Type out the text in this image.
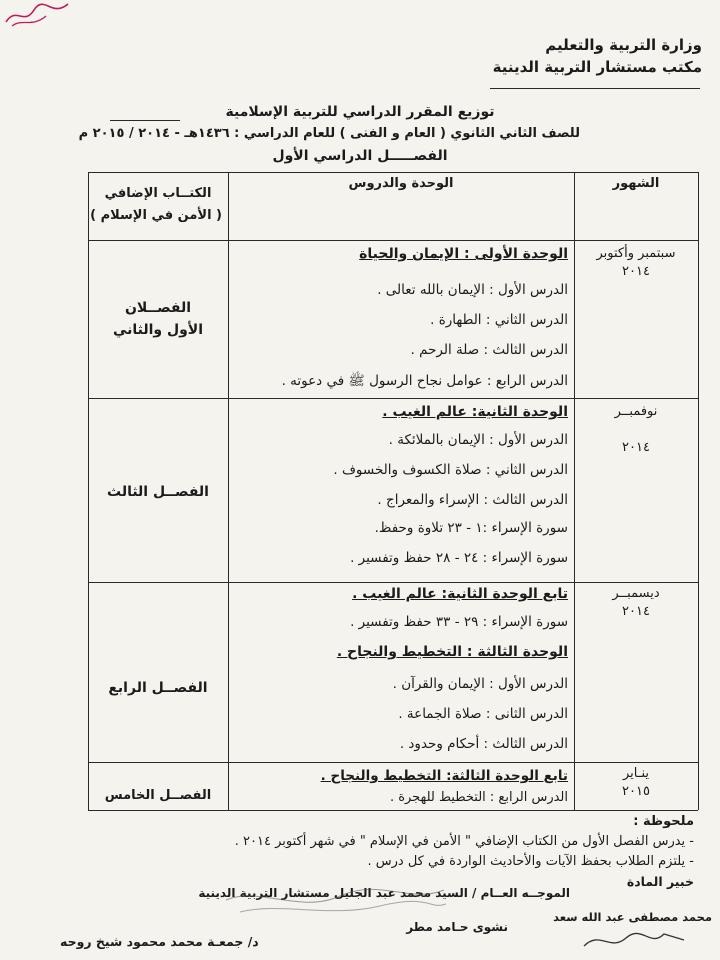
وزارة التربية والتعليم
مكتب مستشار التربية الدينية
توزيع المقرر الدراسي للتربية الإسلامية
للصف الثاني الثانوي ( العام و الفنى ) للعام الدراسي : ١٤٣٦هـ - ٢٠١٤ / ٢٠١٥ م
الفصـــــل الدراسي الأول
الشهور
الوحدة والدروس
الكتــاب الإضافي
( الأمن في الإسلام )
سبتمبر وأكتوبر
٢٠١٤
الفصــلان
الأول والثاني
الوحدة الأولى : الإيمان والحياة
الدرس الأول : الإيمان بالله تعالى .
الدرس الثاني : الطهارة .
الدرس الثالث : صلة الرحم .
الدرس الرابع : عوامل نجاح الرسول ﷺ في دعوته .
نوفمبــر
٢٠١٤
الفصــل الثالث
الوحدة الثانية: عالم الغيب .
الدرس الأول : الإيمان بالملائكة .
الدرس الثاني : صلاة الكسوف والخسوف .
الدرس الثالث : الإسراء والمعراج .
سورة الإسراء :١ - ٢٣ تلاوة وحفظ.
سورة الإسراء : ٢٤ - ٢٨ حفظ وتفسير .
ديسمبــر
٢٠١٤
الفصــل الرابع
تابع الوحدة الثانية: عالم الغيب .
سورة الإسراء : ٢٩ - ٣٣ حفظ وتفسير .
الوحدة الثالثة : التخطيط والنجاح .
الدرس الأول : الإيمان والقرآن .
الدرس الثانى : صلاة الجماعة .
الدرس الثالث : أحكام وحدود .
ينـاير
٢٠١٥
الفصــل الخامس
تابع الوحدة الثالثة: التخطيط والنجاح .
الدرس الرابع : التخطيط للهجرة .
ملحوظة :
- يدرس الفصل الأول من الكتاب الإضافي " الأمن في الإسلام " في شهر أكتوبر ٢٠١٤ .
- يلتزم الطلاب بحفظ الآيات والأحاديث الواردة في كل درس .
خبير المادة
الموجــه العــام / السيد محمد عبد الجليل مستشار التربية الدينية
محمد مصطفى عبد الله سعد
نشوى حـامد مطر
د/ جمعـة محمد محمود شيخ روحه
